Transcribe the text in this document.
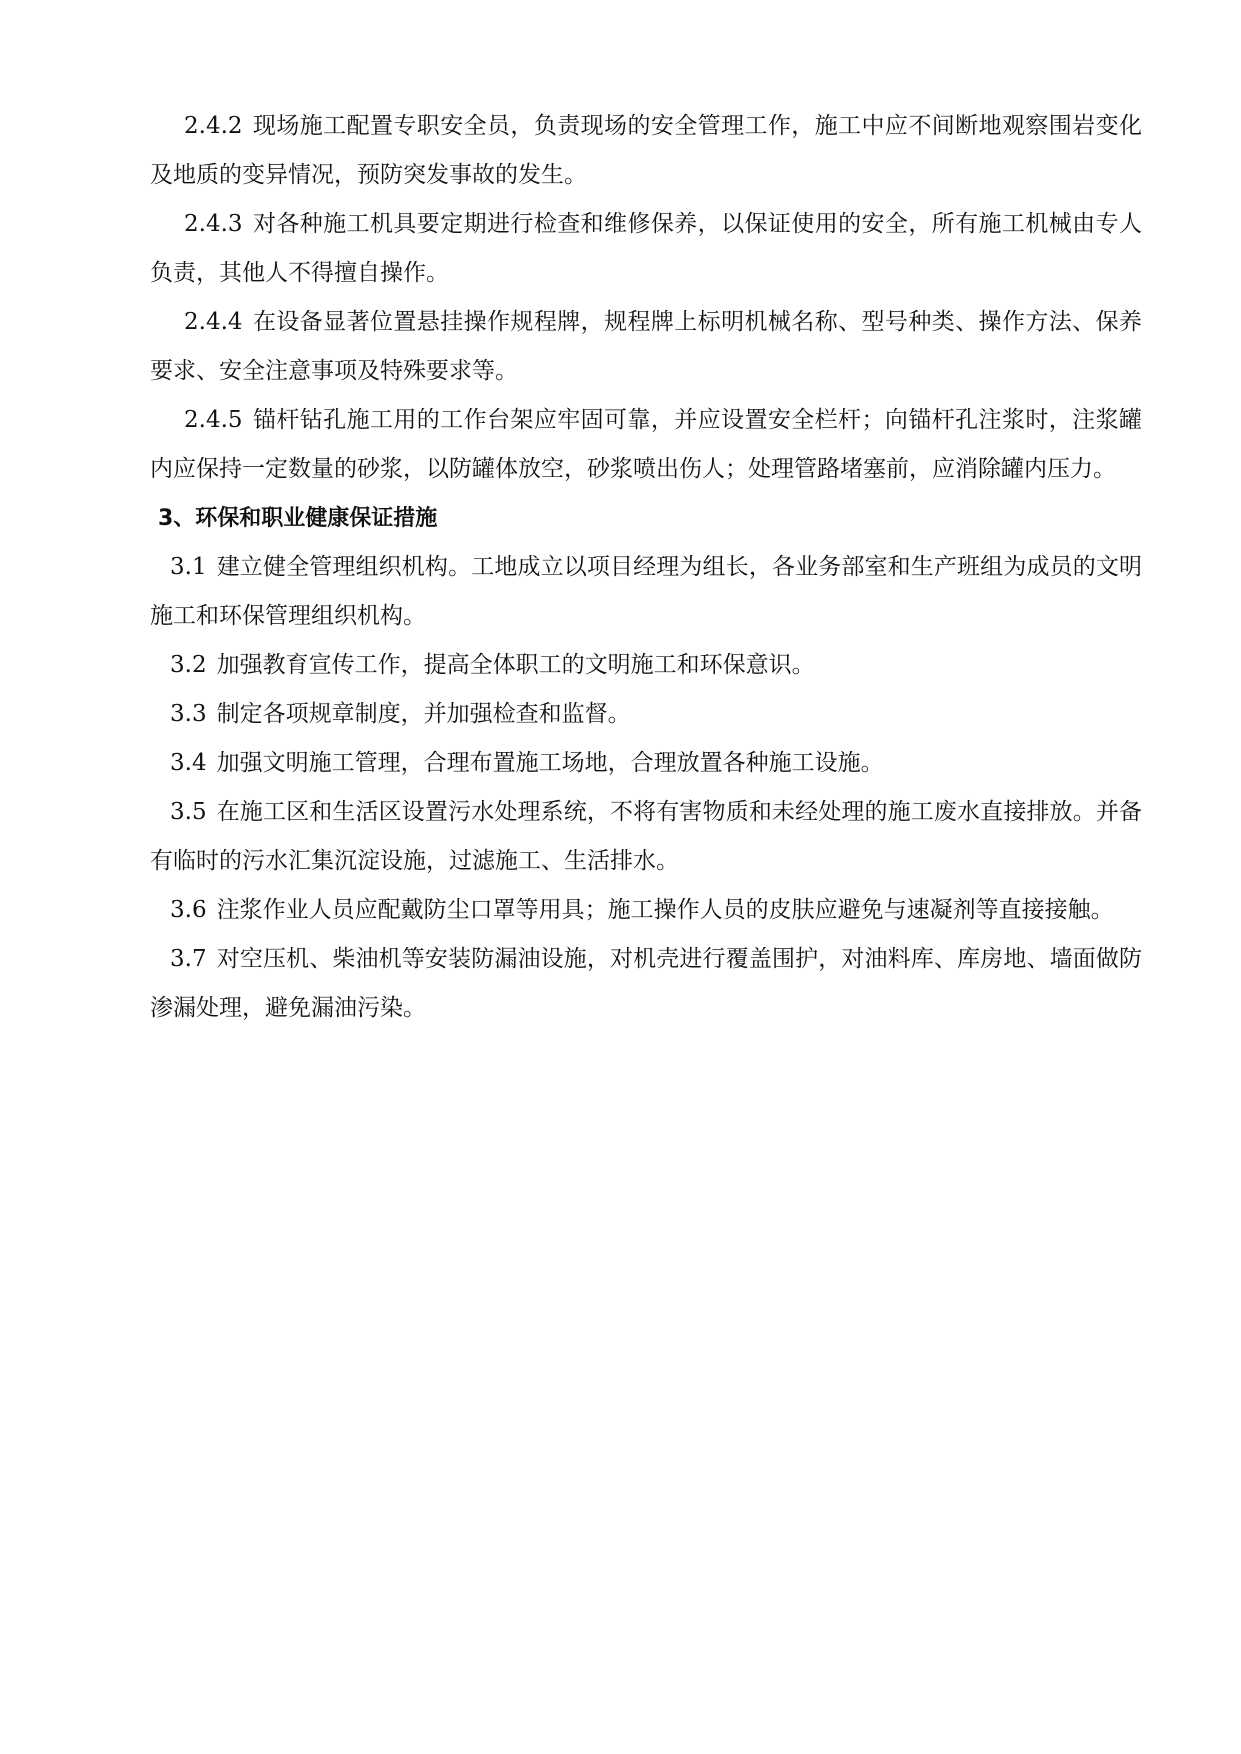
2.4.2 现场施工配置专职安全员，负责现场的安全管理工作，施工中应不间断地观察围岩变化及地质的变异情况，预防突发事故的发生。

2.4.3 对各种施工机具要定期进行检查和维修保养，以保证使用的安全，所有施工机械由专人负责，其他人不得擅自操作。

2.4.4 在设备显著位置悬挂操作规程牌，规程牌上标明机械名称、型号种类、操作方法、保养要求、安全注意事项及特殊要求等。

2.4.5 锚杆钻孔施工用的工作台架应牢固可靠，并应设置安全栏杆；向锚杆孔注浆时，注浆罐内应保持一定数量的砂浆，以防罐体放空，砂浆喷出伤人；处理管路堵塞前，应消除罐内压力。

3、环保和职业健康保证措施

3.1 建立健全管理组织机构。工地成立以项目经理为组长，各业务部室和生产班组为成员的文明施工和环保管理组织机构。

3.2 加强教育宣传工作，提高全体职工的文明施工和环保意识。

3.3 制定各项规章制度，并加强检查和监督。

3.4 加强文明施工管理，合理布置施工场地，合理放置各种施工设施。

3.5 在施工区和生活区设置污水处理系统，不将有害物质和未经处理的施工废水直接排放。并备有临时的污水汇集沉淀设施，过滤施工、生活排水。

3.6 注浆作业人员应配戴防尘口罩等用具；施工操作人员的皮肤应避免与速凝剂等直接接触。

3.7 对空压机、柴油机等安装防漏油设施，对机壳进行覆盖围护，对油料库、库房地、墙面做防渗漏处理，避免漏油污染。
